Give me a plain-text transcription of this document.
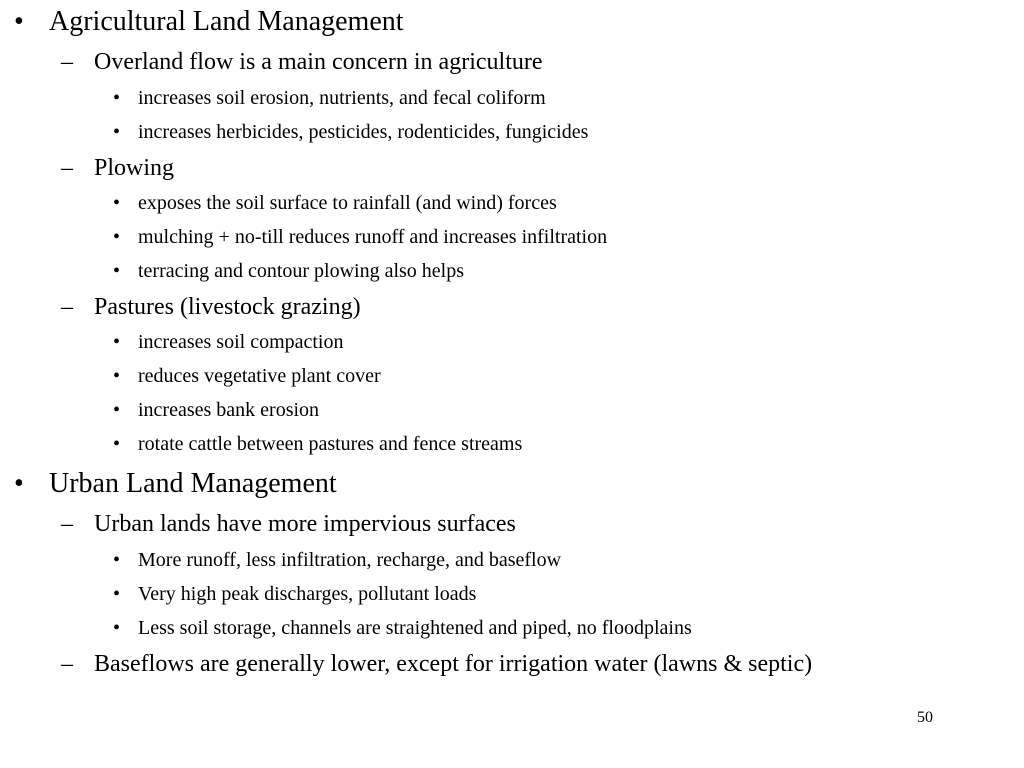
• Agricultural Land Management
– Overland flow is a main concern in agriculture
• increases soil erosion, nutrients, and fecal coliform
• increases herbicides, pesticides, rodenticides, fungicides
– Plowing
• exposes the soil surface to rainfall (and wind) forces
• mulching + no-till reduces runoff and increases infiltration
• terracing and contour plowing also helps
– Pastures (livestock grazing)
• increases soil compaction
• reduces vegetative plant cover
• increases bank erosion
• rotate cattle between pastures and fence streams
• Urban Land Management
– Urban lands have more impervious surfaces
• More runoff, less infiltration, recharge, and baseflow
• Very high peak discharges, pollutant loads
• Less soil storage, channels are straightened and piped, no floodplains
– Baseflows are generally lower, except for irrigation water (lawns & septic)
50
